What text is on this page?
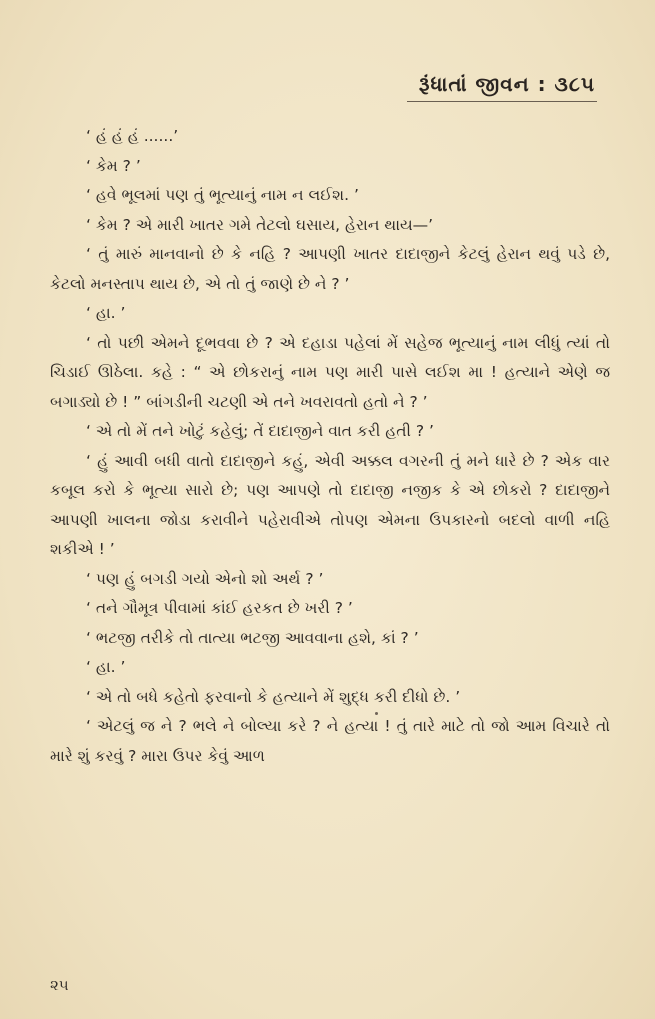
રૂંધાતાં જીવન : ૩૮૫

‘ હં હં હં ......’

‘ કેમ ? ’

‘ હવે ભૂલમાં પણ તું ભૂત્યાનું નામ ન લઈશ. ’

‘ કેમ ? એ મારી ખાતર ગમે તેટલો ઘસાય, હેરાન થાય—’

‘ તું મારું માનવાનો છે કે નહિ ? આપણી ખાતર દાદાજીને કેટલું હેરાન થવું પડે છે, કેટલો મનસ્તાપ થાય છે, એ તો તું જાણે છે ને ? ’

‘ હા. ’

‘ તો પછી એમને દૂભવવા છે ? એ દહાડા પહેલાં મેં સહેજ ભૂત્યાનું નામ લીધું ત્યાં તો ચિડાઈ ઊઠેલા. કહે : “ એ છોકરાનું નામ પણ મારી પાસે લઈશ મા ! હત્યાને એણે જ બગાડ્યો છે ! ” બાંગડીની ચટણી એ તને ખવરાવતો હતો ને ? ’

‘ એ તો મેં તને ખોટું કહેલું; તેં દાદાજીને વાત કરી હતી ? ’

‘ હું આવી બધી વાતો દાદાજીને કહું, એવી અક્કલ વગરની તું મને ધારે છે ? એક વાર કબૂલ કરો કે ભૂત્યા સારો છે; પણ આપણે તો દાદાજી નજીક કે એ છોકરો ? દાદાજીને આપણી ખાલના જોડા કરાવીને પહેરાવીએ તોપણ એમના ઉપકારનો બદલો વાળી નહિ શકીએ ! ’

‘ પણ હું બગડી ગયો એનો શો અર્થ ? ’

‘ તને ગૌમૂત્ર પીવામાં કાંઈ હરકત છે ખરી ? ’

‘ ભટજી તરીકે તો તાત્યા ભટજી આવવાના હશે, કાં ? ’

‘ હા. ’

‘ એ તો બધે કહેતો ફરવાનો કે હત્યાને મેં શુદ્ધ કરી દીધો છે. ’

‘ એટલું જ ને ? ભલે ને બોલ્યા કરે ? ને હત્યા ! તું તારે માટે તો જો આમ વિચારે તો મારે શું કરવું ? મારા ઉપર કેવું આળ

૨૫
